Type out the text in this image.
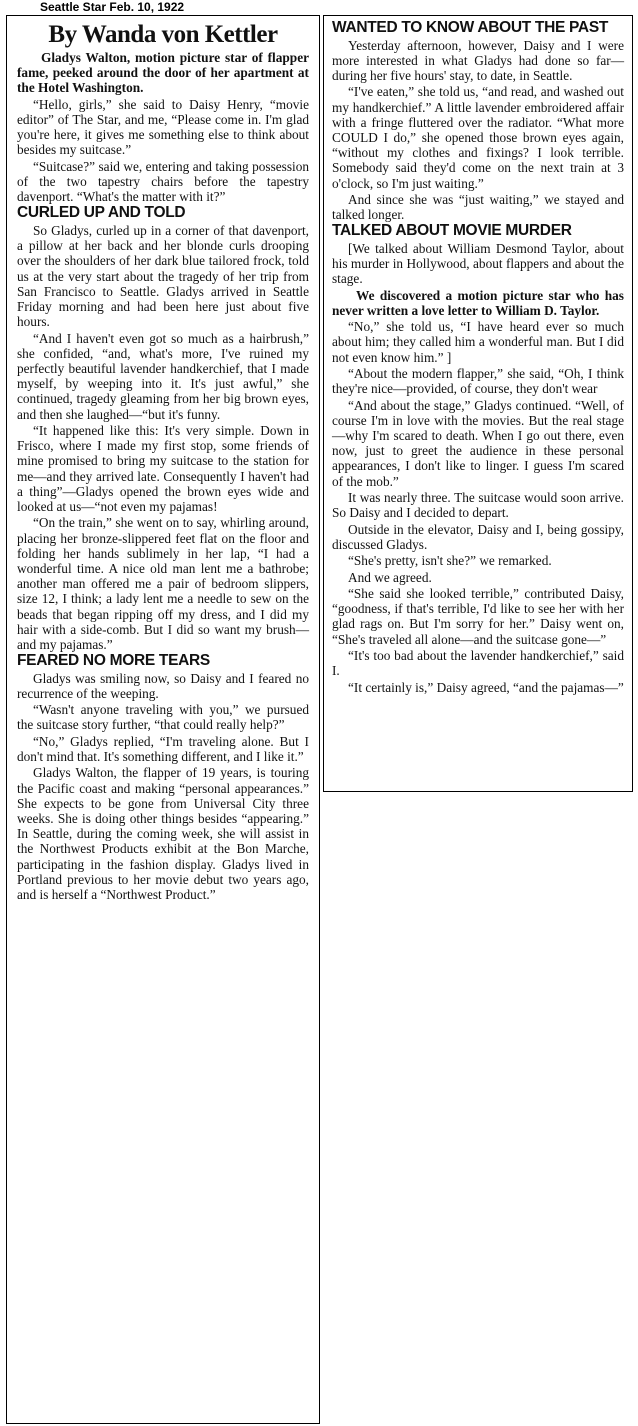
Seattle Star Feb. 10, 1922
By Wanda von Kettler

Gladys Walton, motion picture star of flapper fame, peeked around the door of her apartment at the Hotel Washington.

“Hello, girls,” she said to Daisy Henry, “movie editor” of The Star, and me, “Please come in. I'm glad you're here, it gives me something else to think about besides my suitcase.”

“Suitcase?” said we, entering and taking possession of the two tapestry chairs before the tapestry davenport. “What's the matter with it?”

CURLED UP AND TOLD

So Gladys, curled up in a corner of that davenport, a pillow at her back and her blonde curls drooping over the shoulders of her dark blue tailored frock, told us at the very start about the tragedy of her trip from San Francisco to Seattle. Gladys arrived in Seattle Friday morning and had been here just about five hours.

“And I haven't even got so much as a hairbrush,” she confided, “and, what's more, I've ruined my perfectly beautiful lavender handkerchief, that I made myself, by weeping into it. It's just awful,” she continued, tragedy gleaming from her big brown eyes, and then she laughed—“but it's funny.

“It happened like this: It's very simple. Down in Frisco, where I made my first stop, some friends of mine promised to bring my suitcase to the station for me—and they arrived late. Consequently I haven't had a thing”—Gladys opened the brown eyes wide and looked at us—“not even my pajamas!

“On the train,” she went on to say, whirling around, placing her bronze-slippered feet flat on the floor and folding her hands sublimely in her lap, “I had a wonderful time. A nice old man lent me a bathrobe; another man offered me a pair of bedroom slippers, size 12, I think; a lady lent me a needle to sew on the beads that began ripping off my dress, and I did my hair with a side-comb. But I did so want my brush—and my pajamas.”

FEARED NO MORE TEARS

Gladys was smiling now, so Daisy and I feared no recurrence of the weeping.

“Wasn't anyone traveling with you,” we pursued the suitcase story further, “that could really help?”

“No,” Gladys replied, “I'm traveling alone. But I don't mind that. It's something different, and I like it.”

Gladys Walton, the flapper of 19 years, is touring the Pacific coast and making “personal appearances.” She expects to be gone from Universal City three weeks. She is doing other things besides “appearing.” In Seattle, during the coming week, she will assist in the Northwest Products exhibit at the Bon Marche, participating in the fashion display. Gladys lived in Portland previous to her movie debut two years ago, and is herself a “Northwest Product.”

WANTED TO KNOW ABOUT THE PAST

Yesterday afternoon, however, Daisy and I were more interested in what Gladys had done so far—during her five hours' stay, to date, in Seattle.

“I've eaten,” she told us, “and read, and washed out my handkerchief.” A little lavender embroidered affair with a fringe fluttered over the radiator. “What more COULD I do,” she opened those brown eyes again, “without my clothes and fixings? I look terrible. Somebody said they'd come on the next train at 3 o'clock, so I'm just waiting.”

And since she was “just waiting,” we stayed and talked longer.

TALKED ABOUT MOVIE MURDER

[We talked about William Desmond Taylor, about his murder in Hollywood, about flappers and about the stage.

We discovered a motion picture star who has never written a love letter to William D. Taylor.

“No,” she told us, “I have heard ever so much about him; they called him a wonderful man. But I did not even know him.” ]

“About the modern flapper,” she said, “Oh, I think they're nice—provided, of course, they don't wear

“And about the stage,” Gladys continued. “Well, of course I'm in love with the movies. But the real stage—why I'm scared to death. When I go out there, even now, just to greet the audience in these personal appearances, I don't like to linger. I guess I'm scared of the mob.”

It was nearly three. The suitcase would soon arrive. So Daisy and I decided to depart.

Outside in the elevator, Daisy and I, being gossipy, discussed Gladys.

“She's pretty, isn't she?” we remarked.

And we agreed.

“She said she looked terrible,” contributed Daisy, “goodness, if that's terrible, I'd like to see her with her glad rags on. But I'm sorry for her.” Daisy went on, “She's traveled all alone—and the suitcase gone—”

“It's too bad about the lavender handkerchief,” said I.

“It certainly is,” Daisy agreed, “and the pajamas—”
